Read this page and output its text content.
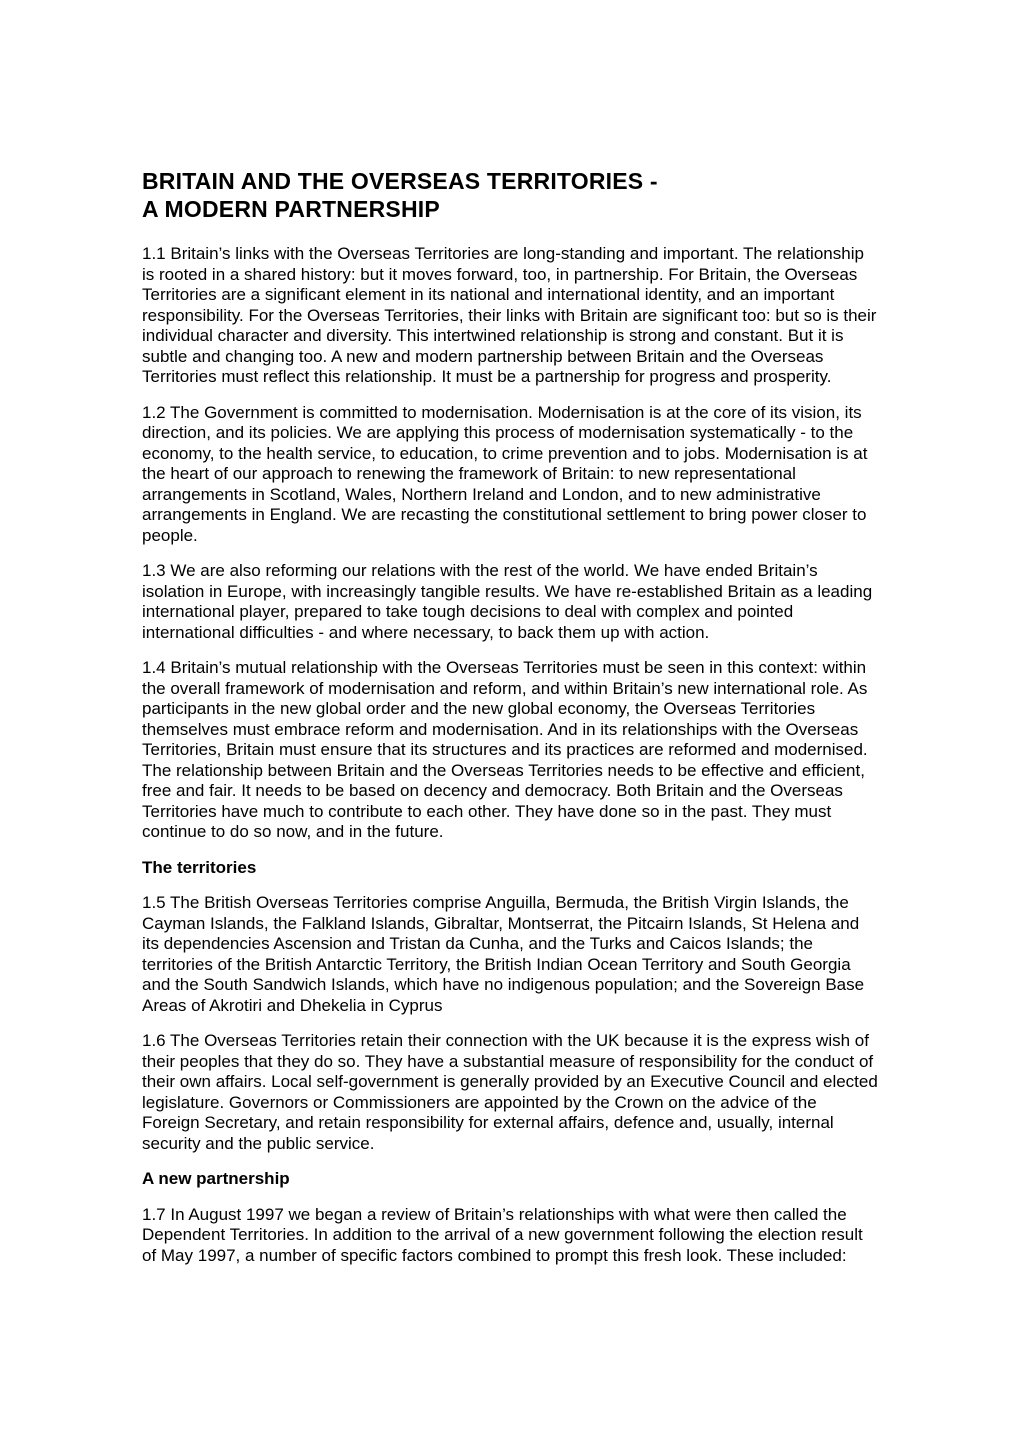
BRITAIN AND THE OVERSEAS TERRITORIES -
A MODERN PARTNERSHIP

1.1 Britain’s links with the Overseas Territories are long-standing and important. The relationship is rooted in a shared history: but it moves forward, too, in partnership. For Britain, the Overseas Territories are a significant element in its national and international identity, and an important responsibility. For the Overseas Territories, their links with Britain are significant too: but so is their individual character and diversity. This intertwined relationship is strong and constant. But it is subtle and changing too. A new and modern partnership between Britain and the Overseas Territories must reflect this relationship. It must be a partnership for progress and prosperity.

1.2 The Government is committed to modernisation. Modernisation is at the core of its vision, its direction, and its policies. We are applying this process of modernisation systematically - to the economy, to the health service, to education, to crime prevention and to jobs. Modernisation is at the heart of our approach to renewing the framework of Britain: to new representational arrangements in Scotland, Wales, Northern Ireland and London, and to new administrative arrangements in England. We are recasting the constitutional settlement to bring power closer to people.

1.3 We are also reforming our relations with the rest of the world. We have ended Britain’s isolation in Europe, with increasingly tangible results. We have re-established Britain as a leading international player, prepared to take tough decisions to deal with complex and pointed international difficulties - and where necessary, to back them up with action.

1.4 Britain’s mutual relationship with the Overseas Territories must be seen in this context: within the overall framework of modernisation and reform, and within Britain’s new international role. As participants in the new global order and the new global economy, the Overseas Territories themselves must embrace reform and modernisation. And in its relationships with the Overseas Territories, Britain must ensure that its structures and its practices are reformed and modernised. The relationship between Britain and the Overseas Territories needs to be effective and efficient, free and fair. It needs to be based on decency and democracy. Both Britain and the Overseas Territories have much to contribute to each other. They have done so in the past. They must continue to do so now, and in the future.

The territories

1.5 The British Overseas Territories comprise Anguilla, Bermuda, the British Virgin Islands, the Cayman Islands, the Falkland Islands, Gibraltar, Montserrat, the Pitcairn Islands, St Helena and its dependencies Ascension and Tristan da Cunha, and the Turks and Caicos Islands; the territories of the British Antarctic Territory, the British Indian Ocean Territory and South Georgia and the South Sandwich Islands, which have no indigenous population; and the Sovereign Base Areas of Akrotiri and Dhekelia in Cyprus

1.6 The Overseas Territories retain their connection with the UK because it is the express wish of their peoples that they do so. They have a substantial measure of responsibility for the conduct of their own affairs. Local self-government is generally provided by an Executive Council and elected legislature. Governors or Commissioners are appointed by the Crown on the advice of the Foreign Secretary, and retain responsibility for external affairs, defence and, usually, internal security and the public service.

A new partnership

1.7 In August 1997 we began a review of Britain’s relationships with what were then called the Dependent Territories. In addition to the arrival of a new government following the election result of May 1997, a number of specific factors combined to prompt this fresh look. These included:
